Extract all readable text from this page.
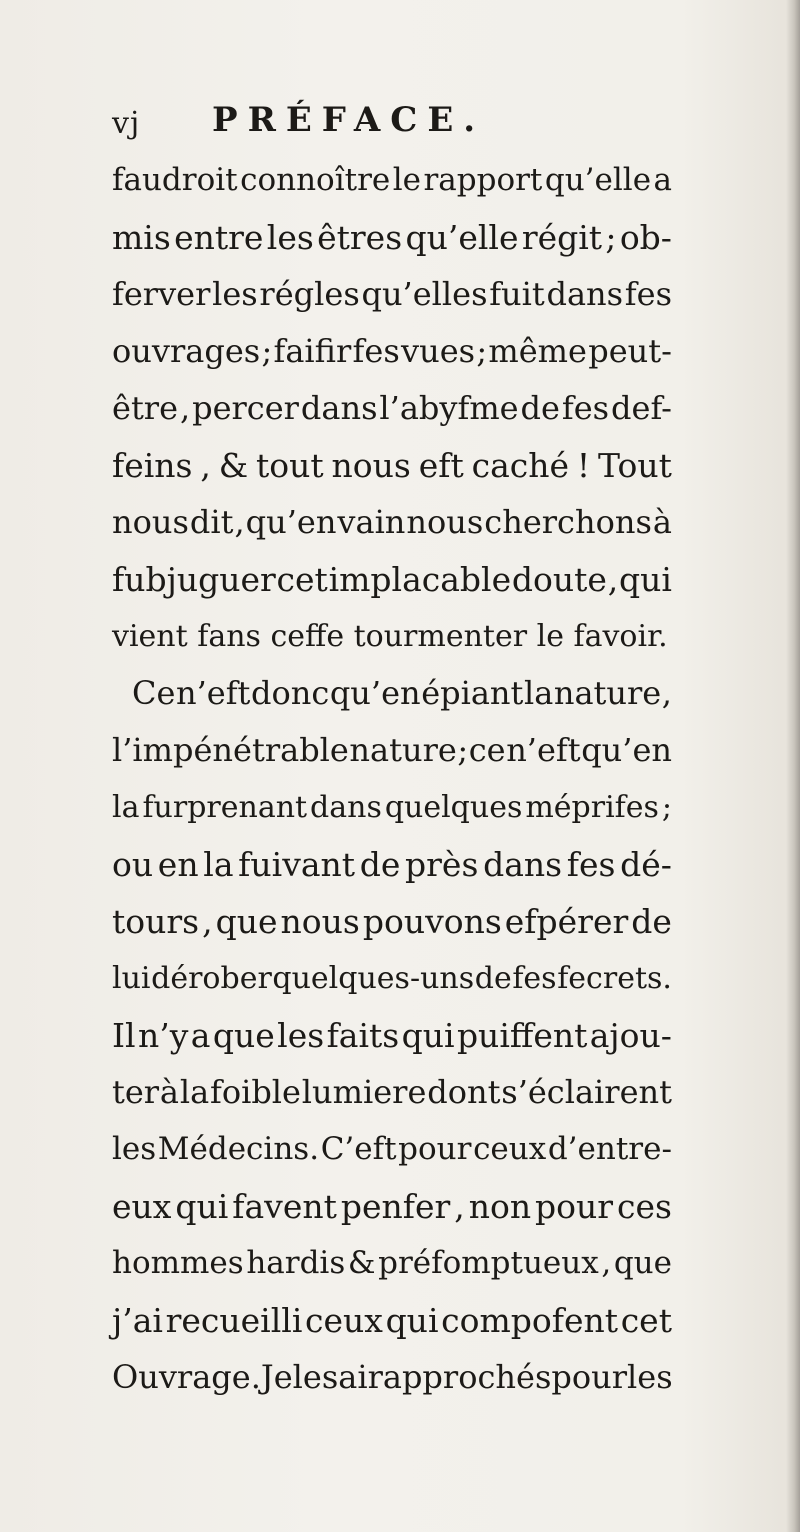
vj PRÉFACE.
faudroit connoître le rapport qu’elle a
mis entre les êtres qu’elle régit ; ob-
ferver les régles qu’elles fuit dans fes
ouvrages ; faifir fes vues ; même peut-
être , percer dans l’abyfme de fes def-
feins , & tout nous eft caché ! Tout
nous dit , qu’en vain nous cherchons à
fubjuguer cet implacable doute , qui
vient fans ceffe tourmenter le favoir.
Ce n’eft donc qu’en épiant la nature ,
l’impénétrable nature ; ce n’eft qu’en
la furprenant dans quelques méprifes ;
ou en la fuivant de près dans fes dé-
tours , que nous pouvons efpérer de
lui dérober quelques-uns de fes fecrets.
Il n’y a que les faits qui puiffent ajou-
ter à la foible lumiere dont s’éclairent
les Médecins. C’eft pour ceux d’entre-
eux qui favent penfer , non pour ces
hommes hardis & préfomptueux , que
j’ai recueilli ceux qui compofent cet
Ouvrage. Je les ai rapprochés pour les
